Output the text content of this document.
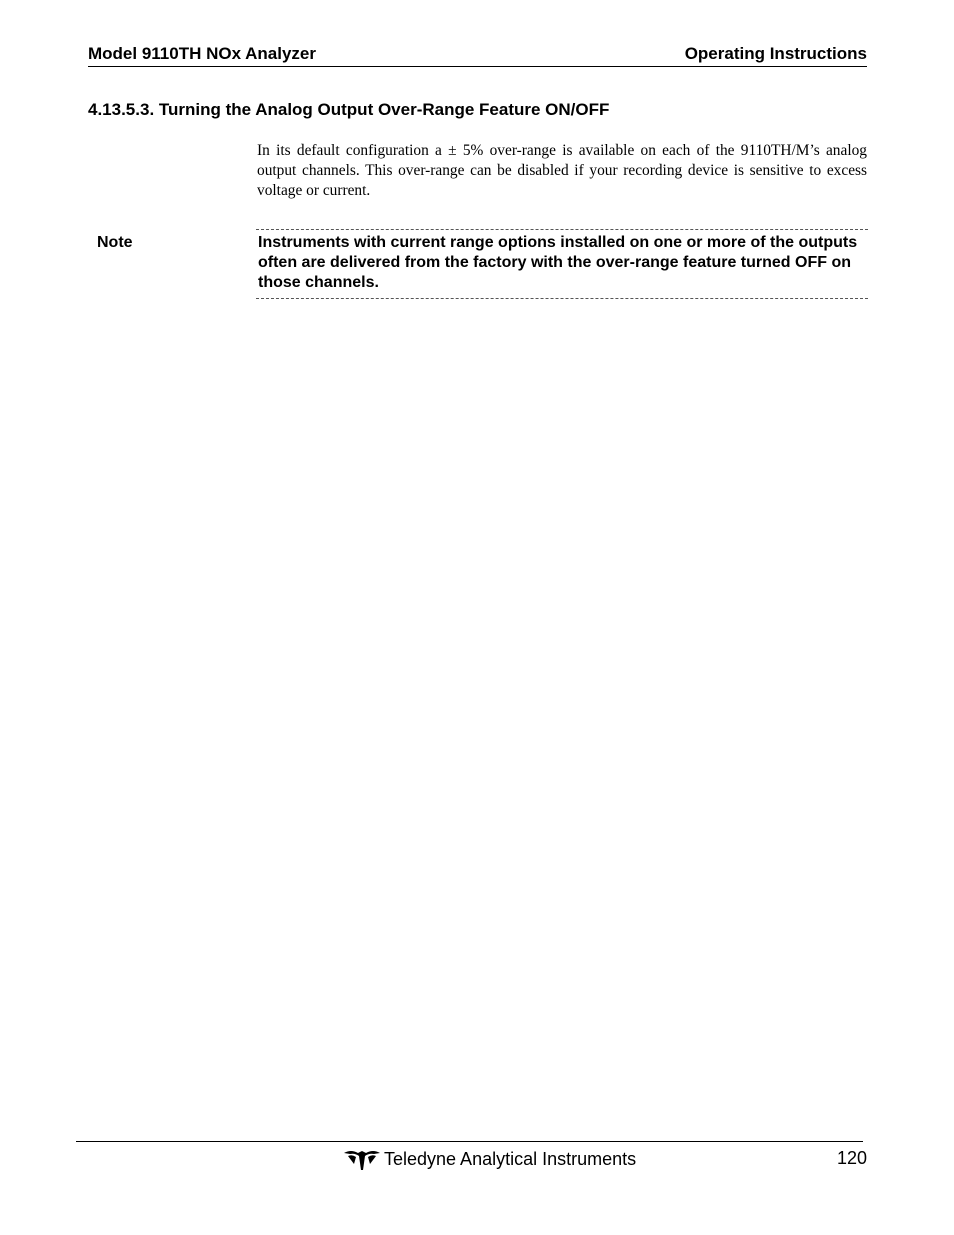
Model 9110TH NOx Analyzer	Operating Instructions
4.13.5.3. Turning the Analog Output Over-Range Feature ON/OFF
In its default configuration a ± 5% over-range is available on each of the 9110TH/M’s analog output channels. This over-range can be disabled if your recording device is sensitive to excess voltage or current.
Note	Instruments with current range options installed on one or more of the outputs often are delivered from the factory with the over-range feature turned OFF on those channels.
Teledyne Analytical Instruments	120
